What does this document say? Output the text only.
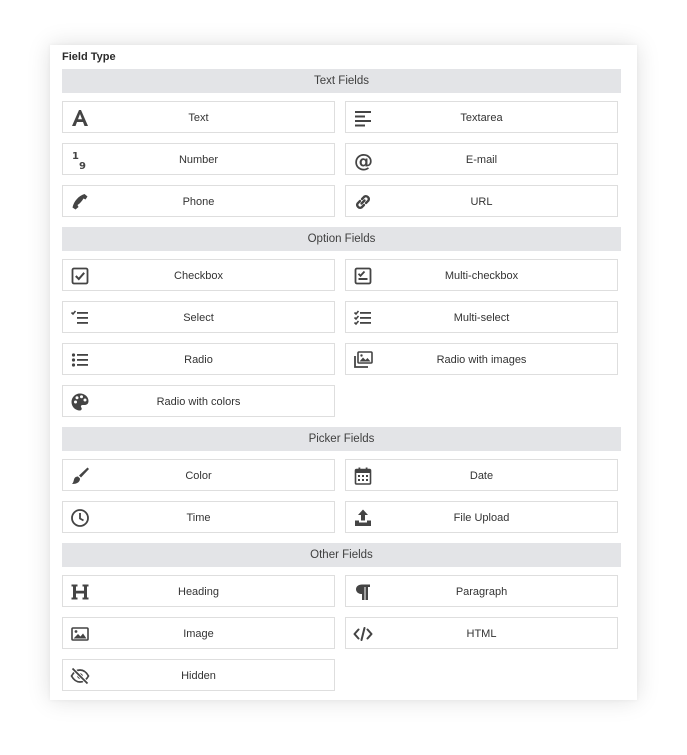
Field Type
Text Fields
Text	Textarea
1
9
Number	@	E-mail
Phone	URL
Option Fields
Checkbox	Multi-checkbox
Select	Multi-select
Radio	Radio with images
Radio with colors
Picker Fields
Color	Date
Time	File Upload
Other Fields
Heading	Paragraph
Image	HTML
Hidden
